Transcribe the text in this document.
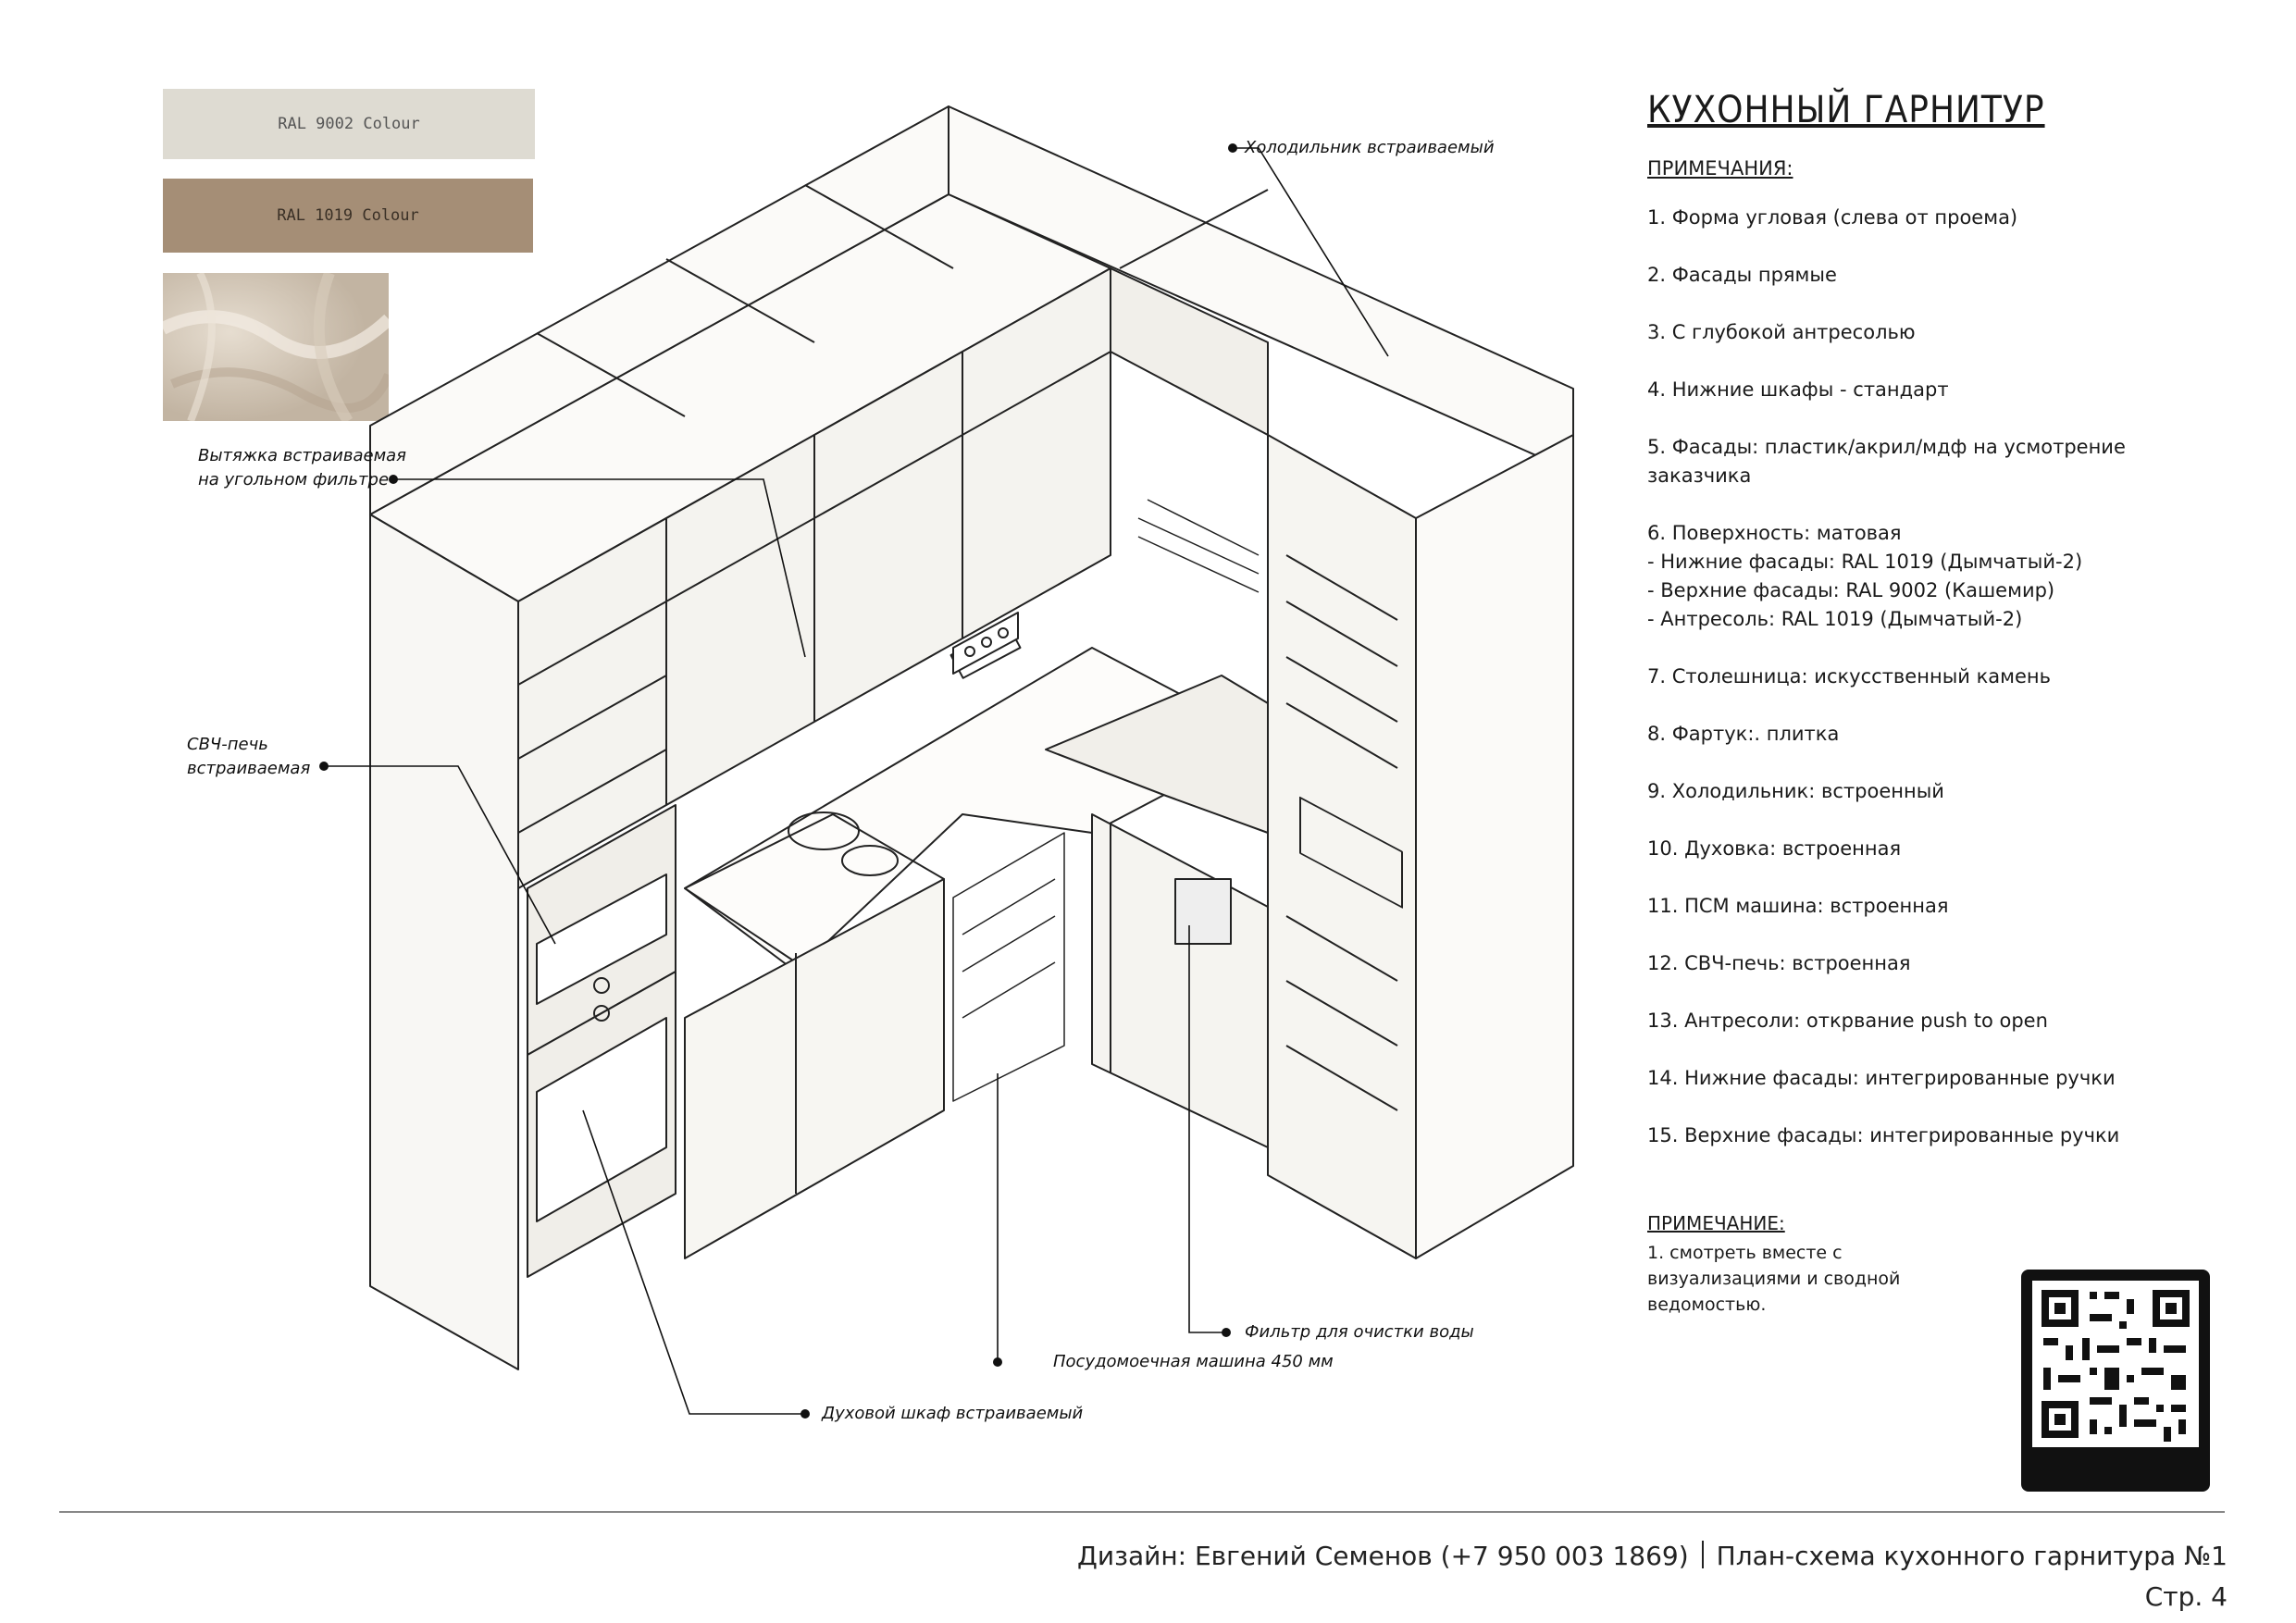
RAL 9002 Colour
RAL 1019 Colour
Холодильник встраиваемый
Вытяжка встраиваемая
на угольном фильтре
СВЧ-печь
встраиваемая
Фильтр для очистки воды
Посудомоечная машина 450 мм
Духовой шкаф встраиваемый
КУХОННЫЙ ГАРНИТУР
ПРИМЕЧАНИЯ:
1. Форма угловая (слева от проема)
2. Фасады прямые
3. С глубокой антресолью
4. Нижние шкафы - стандарт
5. Фасады: пластик/акрил/мдф на усмотрение заказчика
6. Поверхность: матовая
- Нижние фасады: RAL 1019 (Дымчатый-2)
- Верхние фасады: RAL 9002 (Кашемир)
- Антресоль: RAL 1019 (Дымчатый-2)
7. Столешница: искусственный камень
8. Фартук:. плитка
9. Холодильник: встроенный
10. Духовка: встроенная
11. ПСМ машина: встроенная
12. СВЧ-печь: встроенная
13. Антресоли: открвание push to open
14. Нижние фасады: интегрированные ручки
15. Верхние фасады: интегрированные ручки
ПРИМЕЧАНИЕ:
1. смотреть вместе с визуализациями и сводной ведомостью.
Дизайн: Евгений Семенов (+7 950 003 1869) План-схема кухонного гарнитура №1
Стр. 4
